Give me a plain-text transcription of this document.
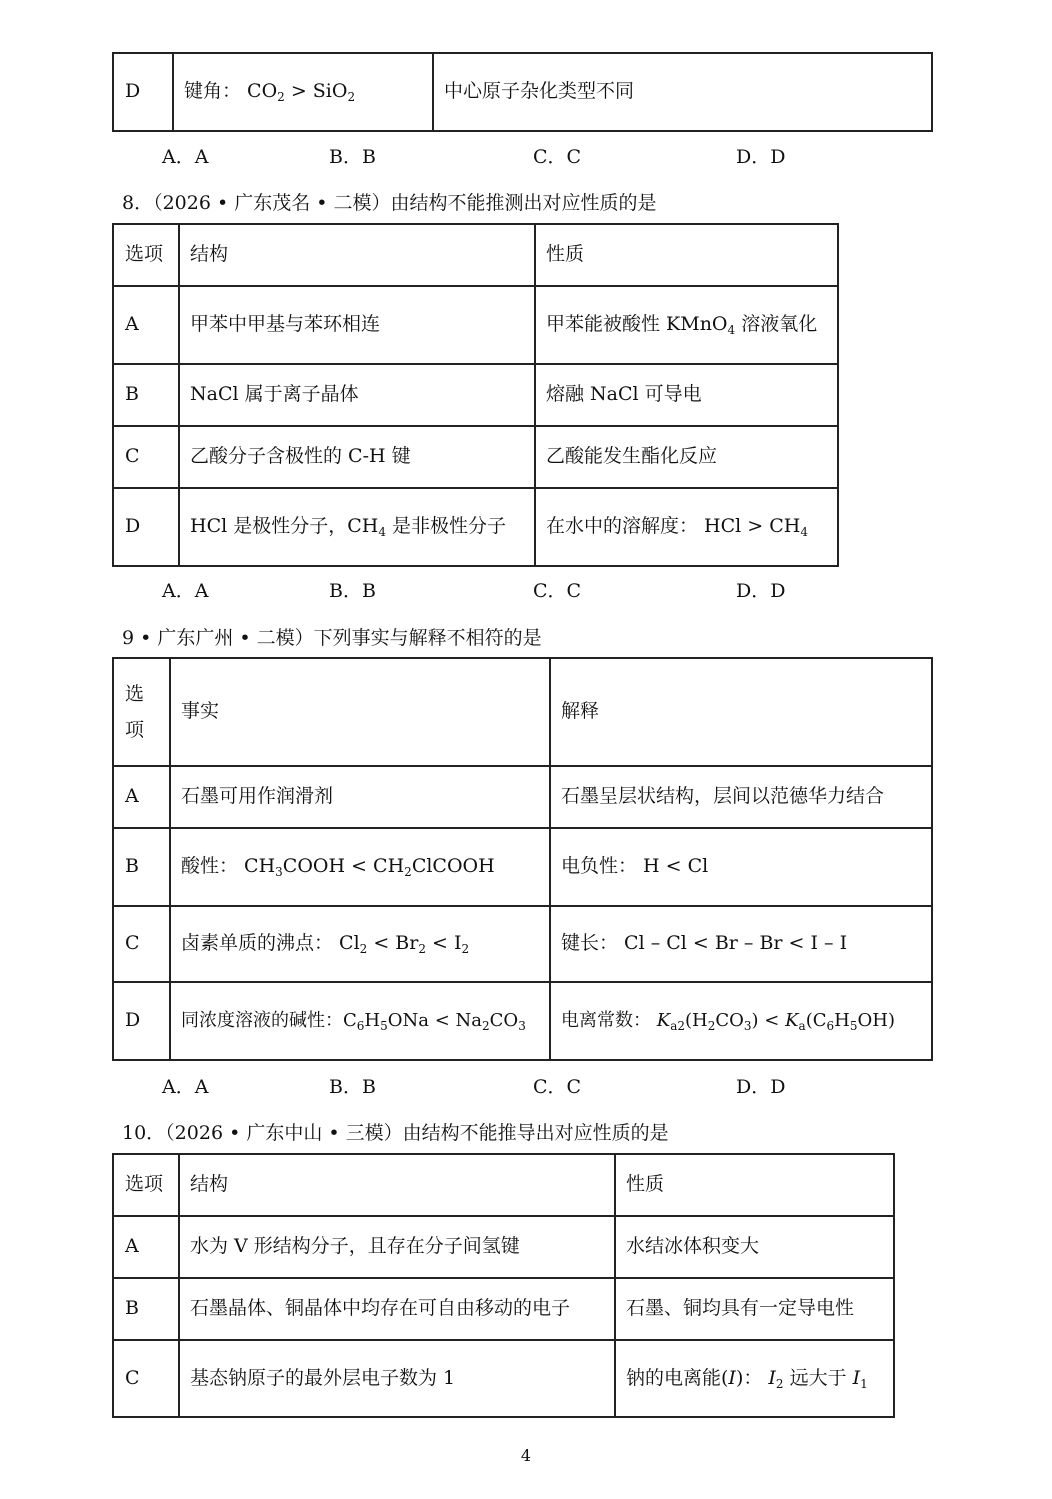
D	键角： $CO_2 > SiO_2$	中心原子杂化类型不同
A．A	B．B	C．C	D．D
8．（2026 • 广东茂名 • 二模）由结构不能推测出对应性质的是
选项	结构	性质
A	甲苯中甲基与苯环相连	甲苯能被酸性 KMnO$_4$ 溶液氧化
B	NaCl 属于离子晶体	熔融 NaCl 可导电
C	乙酸分子含极性的 C-H 键	乙酸能发生酯化反应
D	HCl 是极性分子，$CH_4$ 是非极性分子	在水中的溶解度： HCl > $CH_4$
A．A	B．B	C．C	D．D
9 • 广东广州 • 二模）下列事实与解释不相符的是
选项	事实	解释
A	石墨可用作润滑剂	石墨呈层状结构，层间以范德华力结合
B	酸性： $CH_3COOH$ < $CH_2ClCOOH$	电负性： H < Cl
C	卤素单质的沸点： $Cl_2 < Br_2 < I_2$	键长： Cl – Cl < Br – Br < I – I
D	同浓度溶液的碱性：$C_6H_5ONa < Na_2CO_3$	电离常数： $K_{a2}(H_2CO_3) < K_a(C_6H_5OH)$
A．A	B．B	C．C	D．D
10．（2026 • 广东中山 • 三模）由结构不能推导出对应性质的是
选项	结构	性质
A	水为 V 形结构分子，且存在分子间氢键	水结冰体积变大
B	石墨晶体、铜晶体中均存在可自由移动的电子	石墨、铜均具有一定导电性
C	基态钠原子的最外层电子数为 1	钠的电离能(I)： $I_2$ 远大于 $I_1$
4
